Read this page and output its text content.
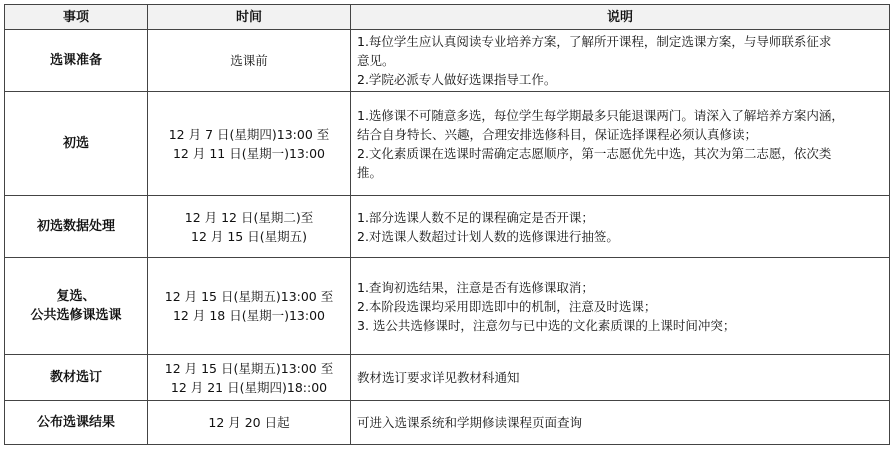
事项	时间	说明

选课准备	选课前	1.每位学生应认真阅读专业培养方案，了解所开课程，制定选课方案，与导师联系征求
意见。
2.学院必派专人做好选课指导工作。

初选	12 月 7 日(星期四)13:00 至
12 月 11 日(星期一)13:00	1.选修课不可随意多选，每位学生每学期最多只能退课两门。请深入了解培养方案内涵，
结合自身特长、兴趣，合理安排选修科目，保证选择课程必须认真修读；
2.文化素质课在选课时需确定志愿顺序，第一志愿优先中选，其次为第二志愿，依次类
推。

初选数据处理	12 月 12 日(星期二)至
12 月 15 日(星期五)	1.部分选课人数不足的课程确定是否开课；
2.对选课人数超过计划人数的选修课进行抽签。

复选、
公共选修课选课	12 月 15 日(星期五)13:00 至
12 月 18 日(星期一)13:00	1.查询初选结果，注意是否有选修课取消；
2.本阶段选课均采用即选即中的机制，注意及时选课；
3. 选公共选修课时，注意勿与已中选的文化素质课的上课时间冲突；

教材选订	12 月 15 日(星期五)13:00 至
12 月 21 日(星期四)18::00	教材选订要求详见教材科通知

公布选课结果	12 月 20 日起	可进入选课系统和学期修读课程页面查询
